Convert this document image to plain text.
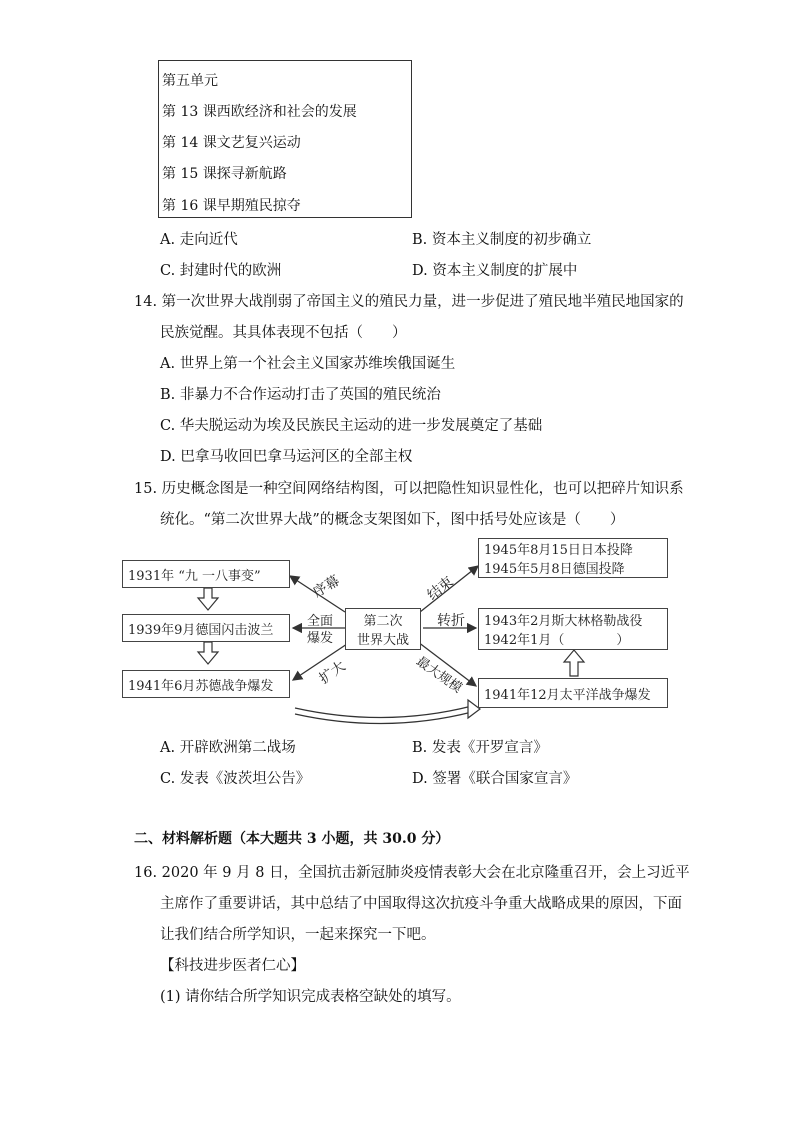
第五单元
第 13 课西欧经济和社会的发展
第 14 课文艺复兴运动
第 15 课探寻新航路
第 16 课早期殖民掠夺
A. 走向近代	B. 资本主义制度的初步确立
C. 封建时代的欧洲	D. 资本主义制度的扩展中
14. 第一次世界大战削弱了帝国主义的殖民力量，进一步促进了殖民地半殖民地国家的
民族觉醒。其具体表现不包括（　　）
A. 世界上第一个社会主义国家苏维埃俄国诞生
B. 非暴力不合作运动打击了英国的殖民统治
C. 华夫脱运动为埃及民族民主运动的进一步发展奠定了基础
D. 巴拿马收回巴拿马运河区的全部主权
15. 历史概念图是一种空间网络结构图，可以把隐性知识显性化，也可以把碎片知识系
统化。“第二次世界大战”的概念支架图如下，图中括号处应该是（　　）
1931年 “九 一八事变”
1939年9月德国闪击波兰
1941年6月苏德战争爆发
第二次
世界大战
1945年8月15日日本投降
1945年5月8日德国投降
1943年2月斯大林格勒战役
1942年1月（　　　　）
1941年12月太平洋战争爆发
序幕
全面
爆发
扩大
结束
转折
最大规模
A. 开辟欧洲第二战场	B. 发表《开罗宣言》
C. 发表《波茨坦公告》	D. 签署《联合国家宣言》
二、材料解析题（本大题共 3 小题，共 30.0 分）
16. 2020 年 9 月 8 日，全国抗击新冠肺炎疫情表彰大会在北京隆重召开，会上习近平
主席作了重要讲话，其中总结了中国取得这次抗疫斗争重大战略成果的原因，下面
让我们结合所学知识，一起来探究一下吧。
【科技进步医者仁心】
(1) 请你结合所学知识完成表格空缺处的填写。
